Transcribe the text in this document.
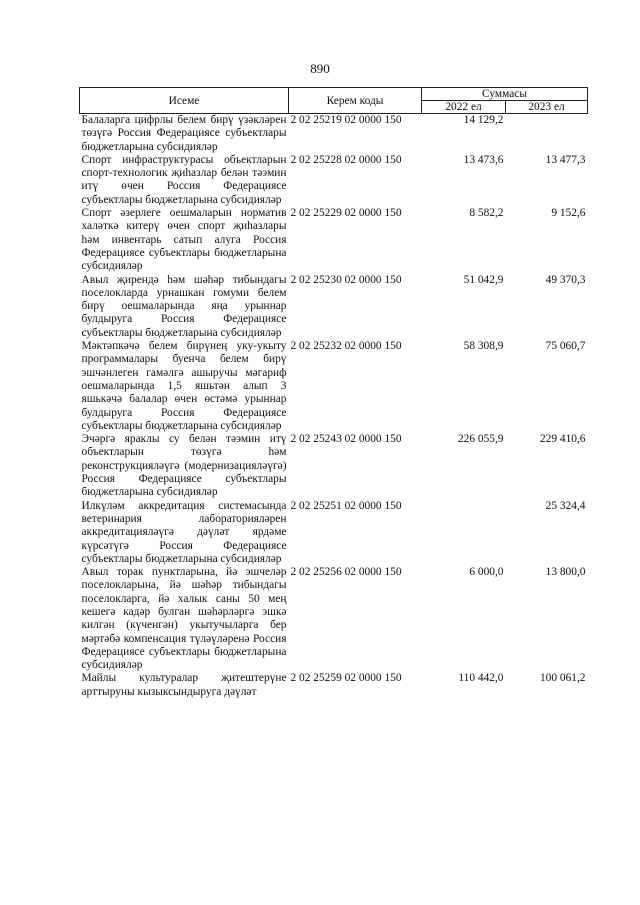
890
Исеме	Керем коды	Суммасы	
		2022 ел	2023 ел
Балаларга цифрлы белем бирү үзәкләрен төзүгә Россия Федерациясе субъектлары бюджетларына субсидияләр	2 02 25219 02 0000 150	14 129,2	
Спорт инфраструктурасы объектларын спорт-технологик җиһазлар белән тәэмин итү өчен Россия Федерациясе субъектлары бюджетларына субсидияләр	2 02 25228 02 0000 150	13 473,6	13 477,3
Спорт әзерлеге оешмаларын норматив халәткә китерү өчен спорт җиһазлары һәм инвентарь сатып алуга Россия Федерациясе субъектлары бюджетларына субсидияләр	2 02 25229 02 0000 150	8 582,2	9 152,6
Авыл җирендә һәм шәһәр тибындагы поселокларда урнашкан гомуми белем бирү оешмаларында яңа урыннар булдыруга Россия Федерациясе субъектлары бюджетларына субсидияләр	2 02 25230 02 0000 150	51 042,9	49 370,3
Мәктәпкәчә белем бирүнең уку-укыту программалары буенча белем бирү эшчәнлеген гамәлгә ашыручы мәгариф оешмаларында 1,5 яшьтән алып 3 яшькәчә балалар өчен өстәмә урыннар булдыруга Россия Федерациясе субъектлары бюджетларына субсидияләр	2 02 25232 02 0000 150	58 308,9	75 060,7
Эчәргә яраклы су белән тәэмин итү объектларын төзүгә һәм реконструкцияләүгә (модернизацияләүгә) Россия Федерациясе субъектлары бюджетларына субсидияләр	2 02 25243 02 0000 150	226 055,9	229 410,6
Илкүләм аккредитация системасында ветеринария лабораторияләрен аккредитацияләүгә дәүләт ярдәме күрсәтүгә Россия Федерациясе субъектлары бюджетларына субсидияләр	2 02 25251 02 0000 150		25 324,4
Авыл торак пунктларына, йә эшчеләр поселокларына, йә шәһәр тибындагы поселокларга, йә халык саны 50 мең кешегә кадәр булган шәһәрләргә эшкә килгән (күченгән) укытучыларга бер мәртәбә компенсация түләүләренә Россия Федерациясе субъектлары бюджетларына субсидияләр	2 02 25256 02 0000 150	6 000,0	13 800,0
Майлы культуралар җитештерүне арттыруны кызыксындыруга дәүләт	2 02 25259 02 0000 150	110 442,0	100 061,2
